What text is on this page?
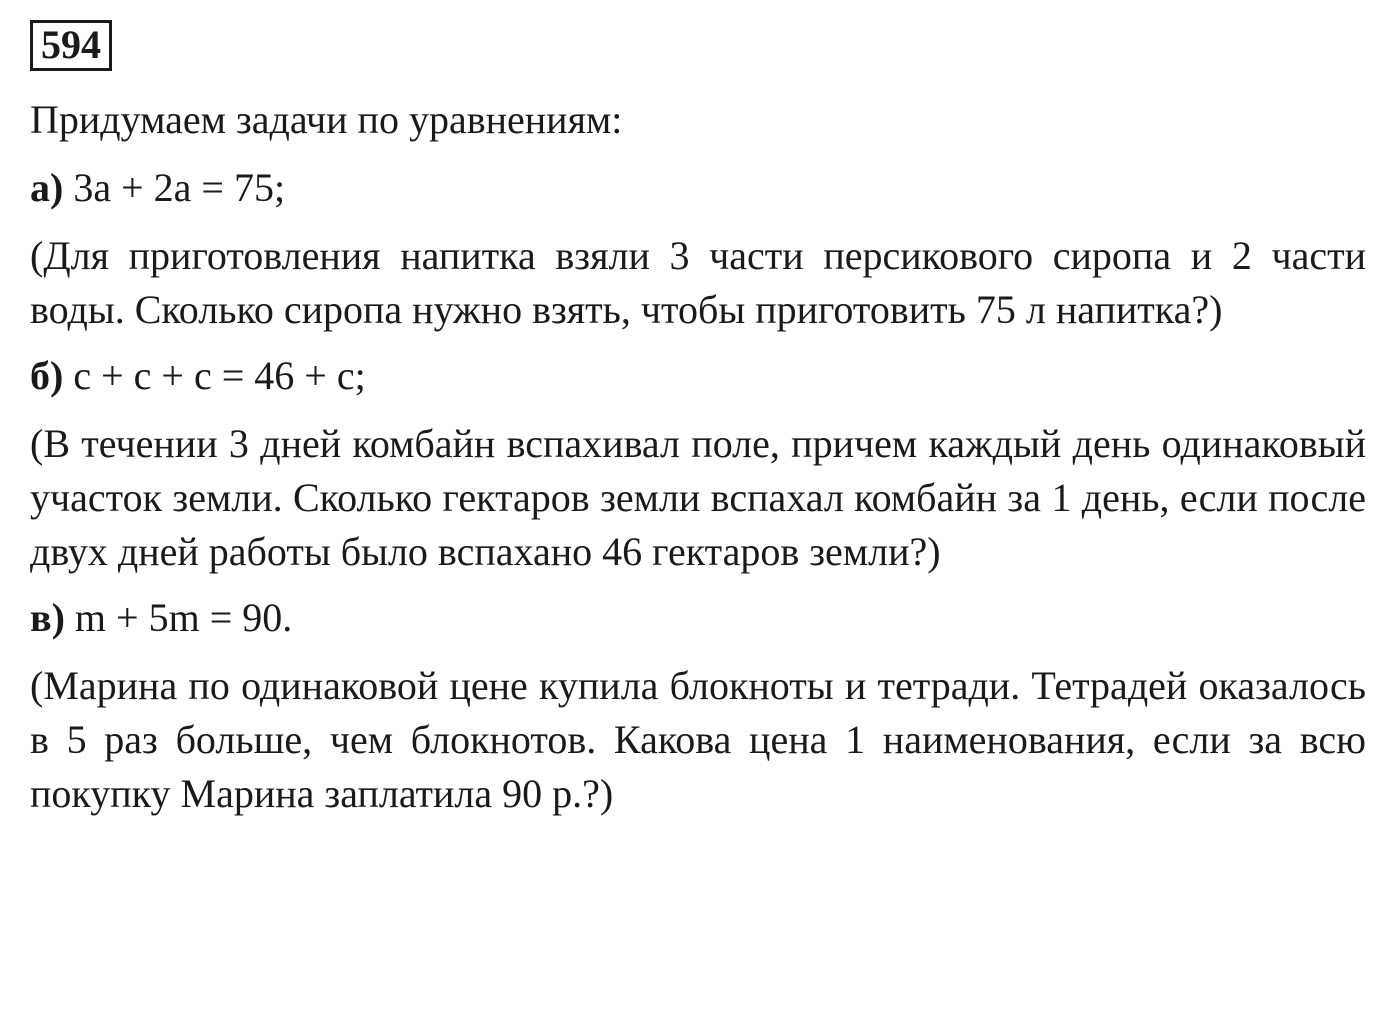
594

Придумаем задачи по уравнениям:

а) 3a + 2a = 75;

(Для приготовления напитка взяли 3 части персикового сиропа и 2 части воды. Сколько сиропа нужно взять, чтобы приготовить 75 л напитка?)

б) c + c + c = 46 + c;

(В течении 3 дней комбайн вспахивал поле, причем каждый день одинаковый участок земли. Сколько гектаров земли вспахал комбайн за 1 день, если после двух дней работы было вспахано 46 гектаров земли?)

в) m + 5m = 90.

(Марина по одинаковой цене купила блокноты и тетради. Тетрадей оказалось в 5 раз больше, чем блокнотов. Какова цена 1 наименования, если за всю покупку Марина заплатила 90 р.?)
